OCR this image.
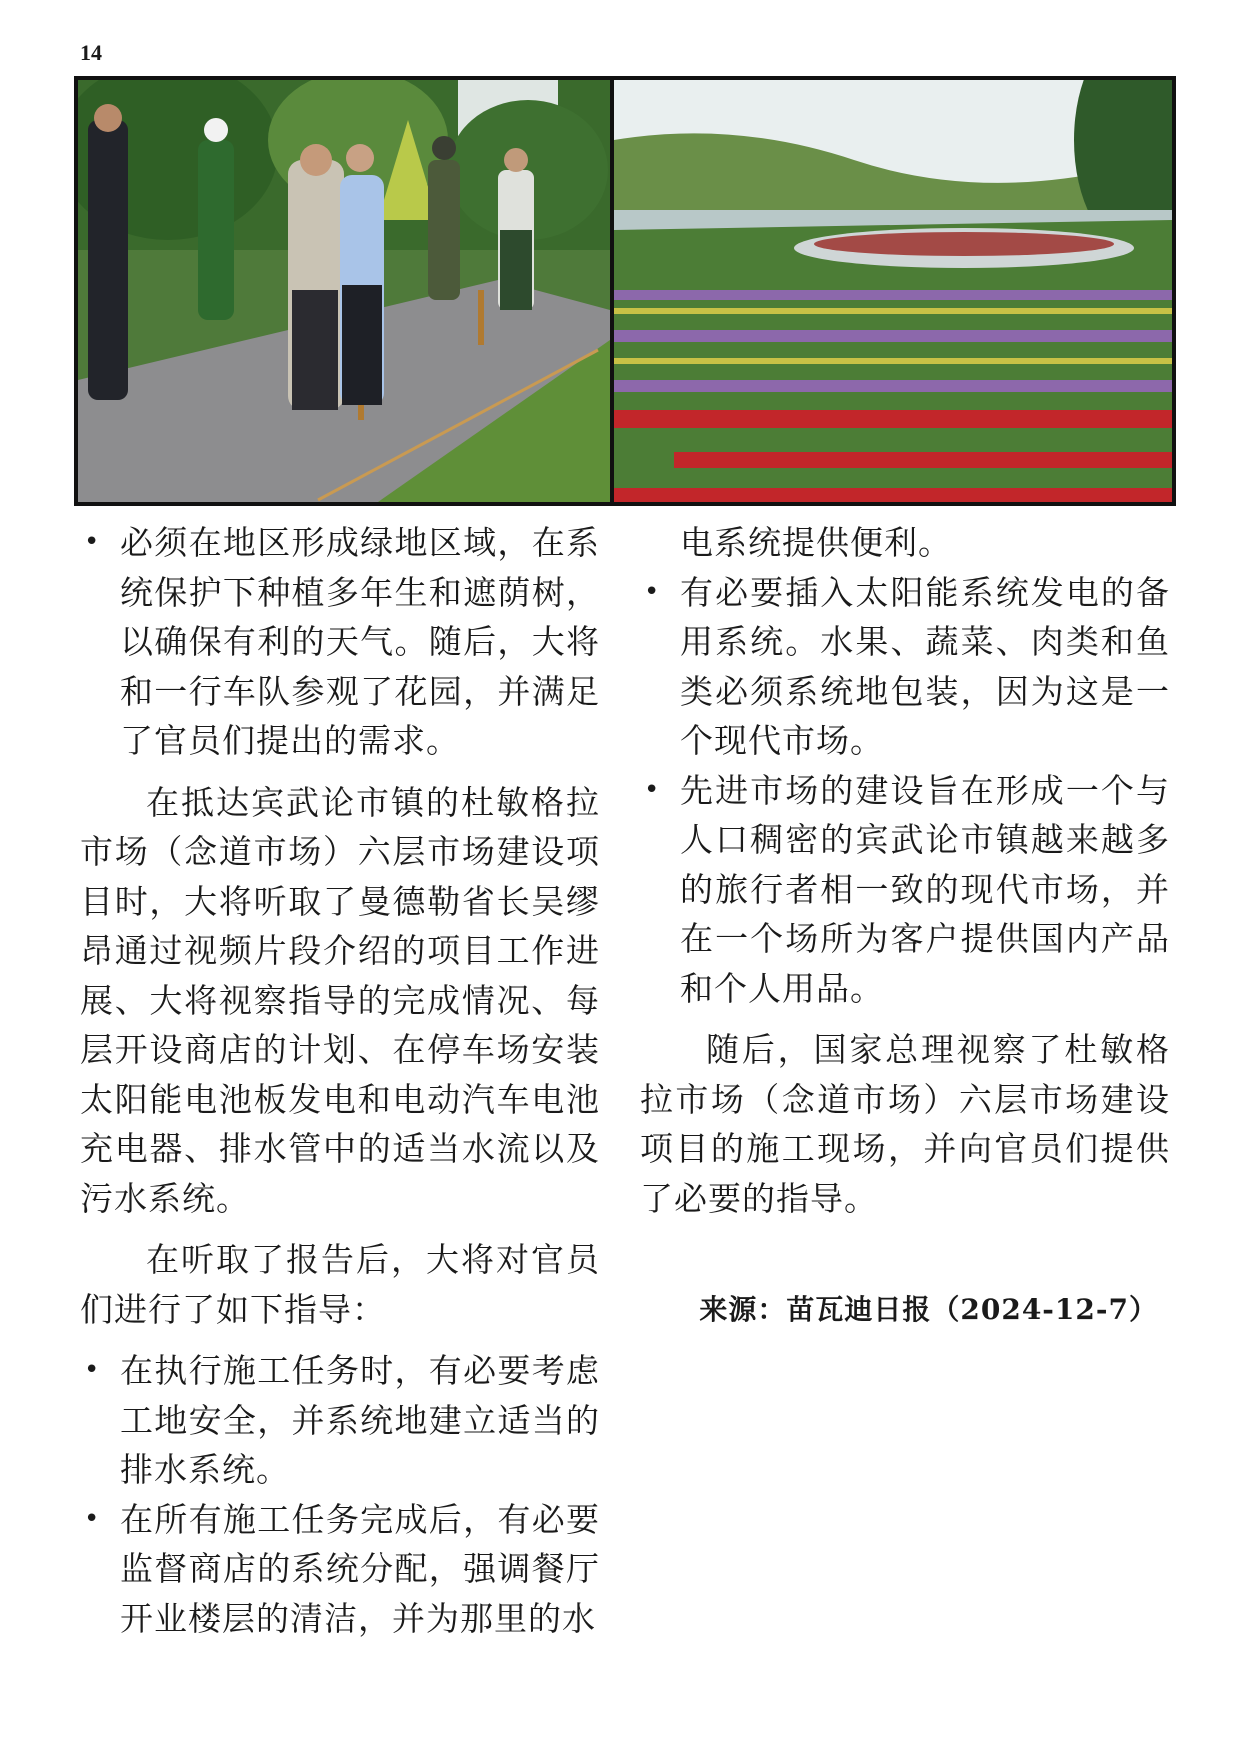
14
• 必须在地区形成绿地区域，在系统保护下种植多年生和遮荫树，以确保有利的天气。随后，大将和一行车队参观了花园，并满足了官员们提出的需求。

在抵达宾武论市镇的杜敏格拉市场（念道市场）六层市场建设项目时，大将听取了曼德勒省长吴缪昂通过视频片段介绍的项目工作进展、大将视察指导的完成情况、每层开设商店的计划、在停车场安装太阳能电池板发电和电动汽车电池充电器、排水管中的适当水流以及污水系统。

在听取了报告后，大将对官员们进行了如下指导：

• 在执行施工任务时，有必要考虑工地安全，并系统地建立适当的排水系统。
• 在所有施工任务完成后，有必要监督商店的系统分配，强调餐厅开业楼层的清洁，并为那里的水

电系统提供便利。

• 有必要插入太阳能系统发电的备用系统。水果、蔬菜、肉类和鱼类必须系统地包装，因为这是一个现代市场。
• 先进市场的建设旨在形成一个与人口稠密的宾武论市镇越来越多的旅行者相一致的现代市场，并在一个场所为客户提供国内产品和个人用品。

随后，国家总理视察了杜敏格拉市场（念道市场）六层市场建设项目的施工现场，并向官员们提供了必要的指导。

来源：苗瓦迪日报（2024-12-7）
